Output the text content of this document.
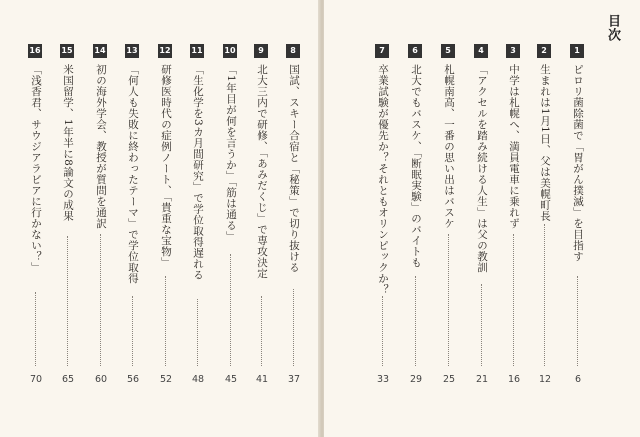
目次
1
ピロリ菌除菌で「胃がん撲滅」を目指す
6
2
生まれは1月1日、父は美幌町長
12
3
中学は札幌へ、満員電車に乗れず
16
4
「アクセルを踏み続ける人生」は父の教訓
21
5
札幌南高、一番の思い出はバスケ
25
6
北大でもバスケ、「断眠実験」のバイトも
29
7
卒業試験が優先か？それともオリンピックか？
33
8
国試、スキー合宿と「秘策」で切り抜ける
37
9
北大三内で研修、「あみだくじ」で専攻決定
41
10
「1年目が何を言うか」「筋は通る」
45
11
「生化学を3カ月間研究」で学位取得遅れる
48
12
研修医時代の症例ノート、「貴重な宝物」
52
13
「何人も失敗に終わったテーマ」で学位取得
56
14
初の海外学会、教授が質問を通訳
60
15
米国留学、1年半に8論文の成果
65
16
「浅香君、サウジアラビアに行かない？」
70
